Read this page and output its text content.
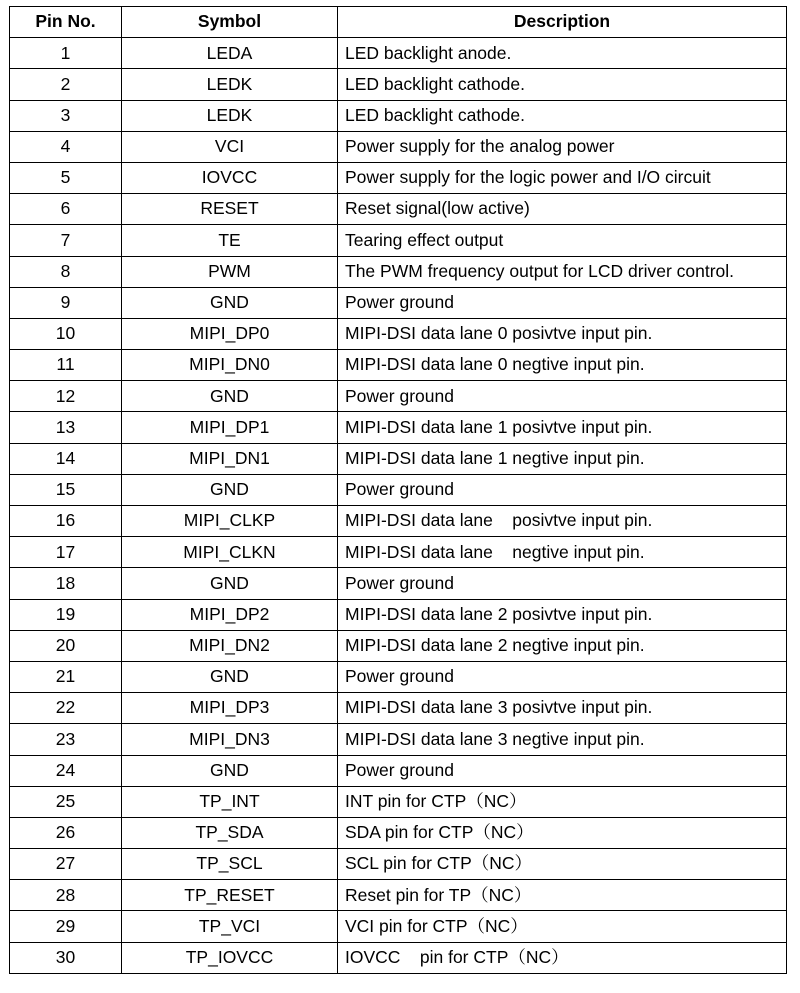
Pin No.	Symbol	Description
1	LEDA	LED backlight anode.
2	LEDK	LED backlight cathode.
3	LEDK	LED backlight cathode.
4	VCI	Power supply for the analog power
5	IOVCC	Power supply for the logic power and I/O circuit
6	RESET	Reset signal(low active)
7	TE	Tearing effect output
8	PWM	The PWM frequency output for LCD driver control.
9	GND	Power ground
10	MIPI_DP0	MIPI-DSI data lane 0 posivtve input pin.
11	MIPI_DN0	MIPI-DSI data lane 0 negtive input pin.
12	GND	Power ground
13	MIPI_DP1	MIPI-DSI data lane 1 posivtve input pin.
14	MIPI_DN1	MIPI-DSI data lane 1 negtive input pin.
15	GND	Power ground
16	MIPI_CLKP	MIPI-DSI data lane    posivtve input pin.
17	MIPI_CLKN	MIPI-DSI data lane    negtive input pin.
18	GND	Power ground
19	MIPI_DP2	MIPI-DSI data lane 2 posivtve input pin.
20	MIPI_DN2	MIPI-DSI data lane 2 negtive input pin.
21	GND	Power ground
22	MIPI_DP3	MIPI-DSI data lane 3 posivtve input pin.
23	MIPI_DN3	MIPI-DSI data lane 3 negtive input pin.
24	GND	Power ground
25	TP_INT	INT pin for CTP（NC）
26	TP_SDA	SDA pin for CTP（NC）
27	TP_SCL	SCL pin for CTP（NC）
28	TP_RESET	Reset pin for TP（NC）
29	TP_VCI	VCI pin for CTP（NC）
30	TP_IOVCC	IOVCC    pin for CTP（NC）
